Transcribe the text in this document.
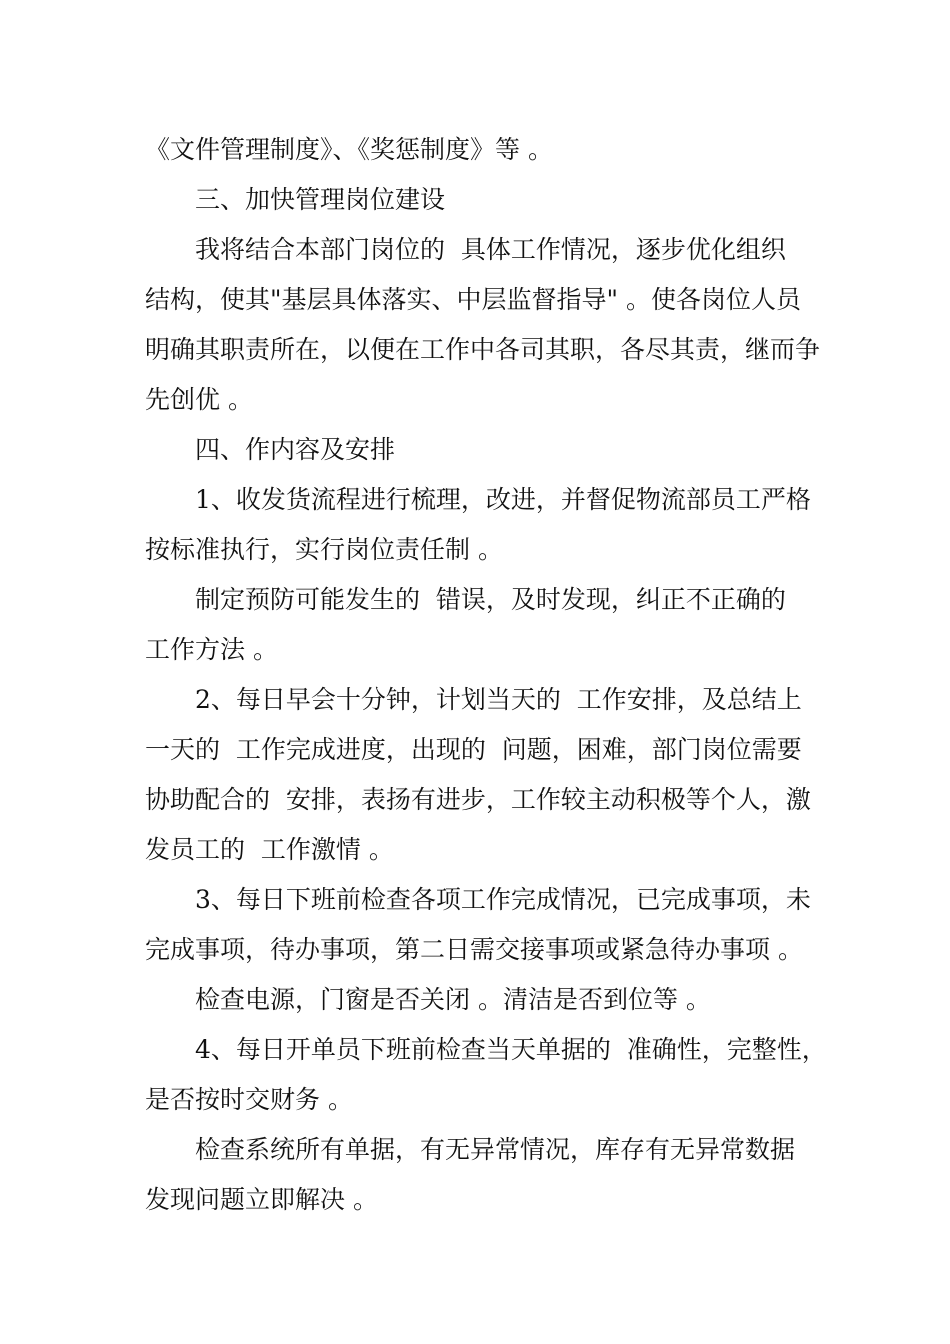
《文件管理制度》、《奖惩制度》等 。
三、加快管理岗位建设
我将结合本部门岗位的  具体工作情况，逐步优化组织
结构，使其"基层具体落实、中层监督指导" 。使各岗位人员
明确其职责所在，以便在工作中各司其职，各尽其责，继而争
先创优 。
四、作内容及安排
1、收发货流程进行梳理，改进，并督促物流部员工严格
按标准执行，实行岗位责任制 。
制定预防可能发生的  错误，及时发现，纠正不正确的
工作方法 。
2、每日早会十分钟，计划当天的  工作安排，及总结上
一天的  工作完成进度，出现的  问题，困难，部门岗位需要
协助配合的  安排，表扬有进步，工作较主动积极等个人，激
发员工的  工作激情 。
3、每日下班前检查各项工作完成情况，已完成事项，未
完成事项，待办事项，第二日需交接事项或紧急待办事项 。
检查电源，门窗是否关闭 。清洁是否到位等 。
4、每日开单员下班前检查当天单据的  准确性，完整性，
是否按时交财务 。
检查系统所有单据，有无异常情况，库存有无异常数据
发现问题立即解决 。
